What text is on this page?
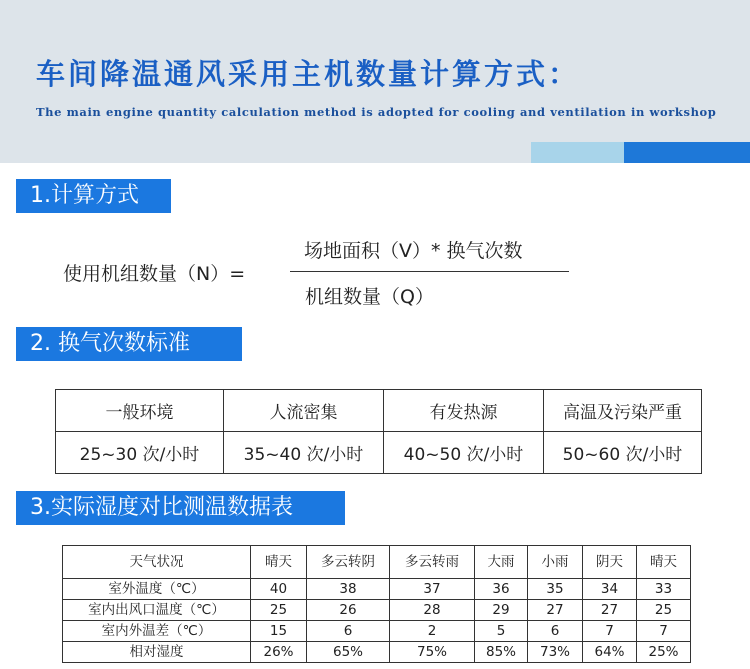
车间降温通风采用主机数量计算方式：
The main engine quantity calculation method is adopted for cooling and ventilation in workshop
1.计算方式
使用机组数量（N）=
场地面积（V）* 换气次数
机组数量（Q）
2. 换气次数标准
一般环境	人流密集	有发热源	高温及污染严重
25~30 次/小时	35~40 次/小时	40~50 次/小时	50~60 次/小时
3.实际湿度对比测温数据表
天气状况	晴天	多云转阴	多云转雨	大雨	小雨	阴天	晴天
室外温度（℃）	40	38	37	36	35	34	33
室内出风口温度（℃）	25	26	28	29	27	27	25
室内外温差（℃）	15	6	2	5	6	7	7
相对湿度	26%	65%	75%	85%	73%	64%	25%
